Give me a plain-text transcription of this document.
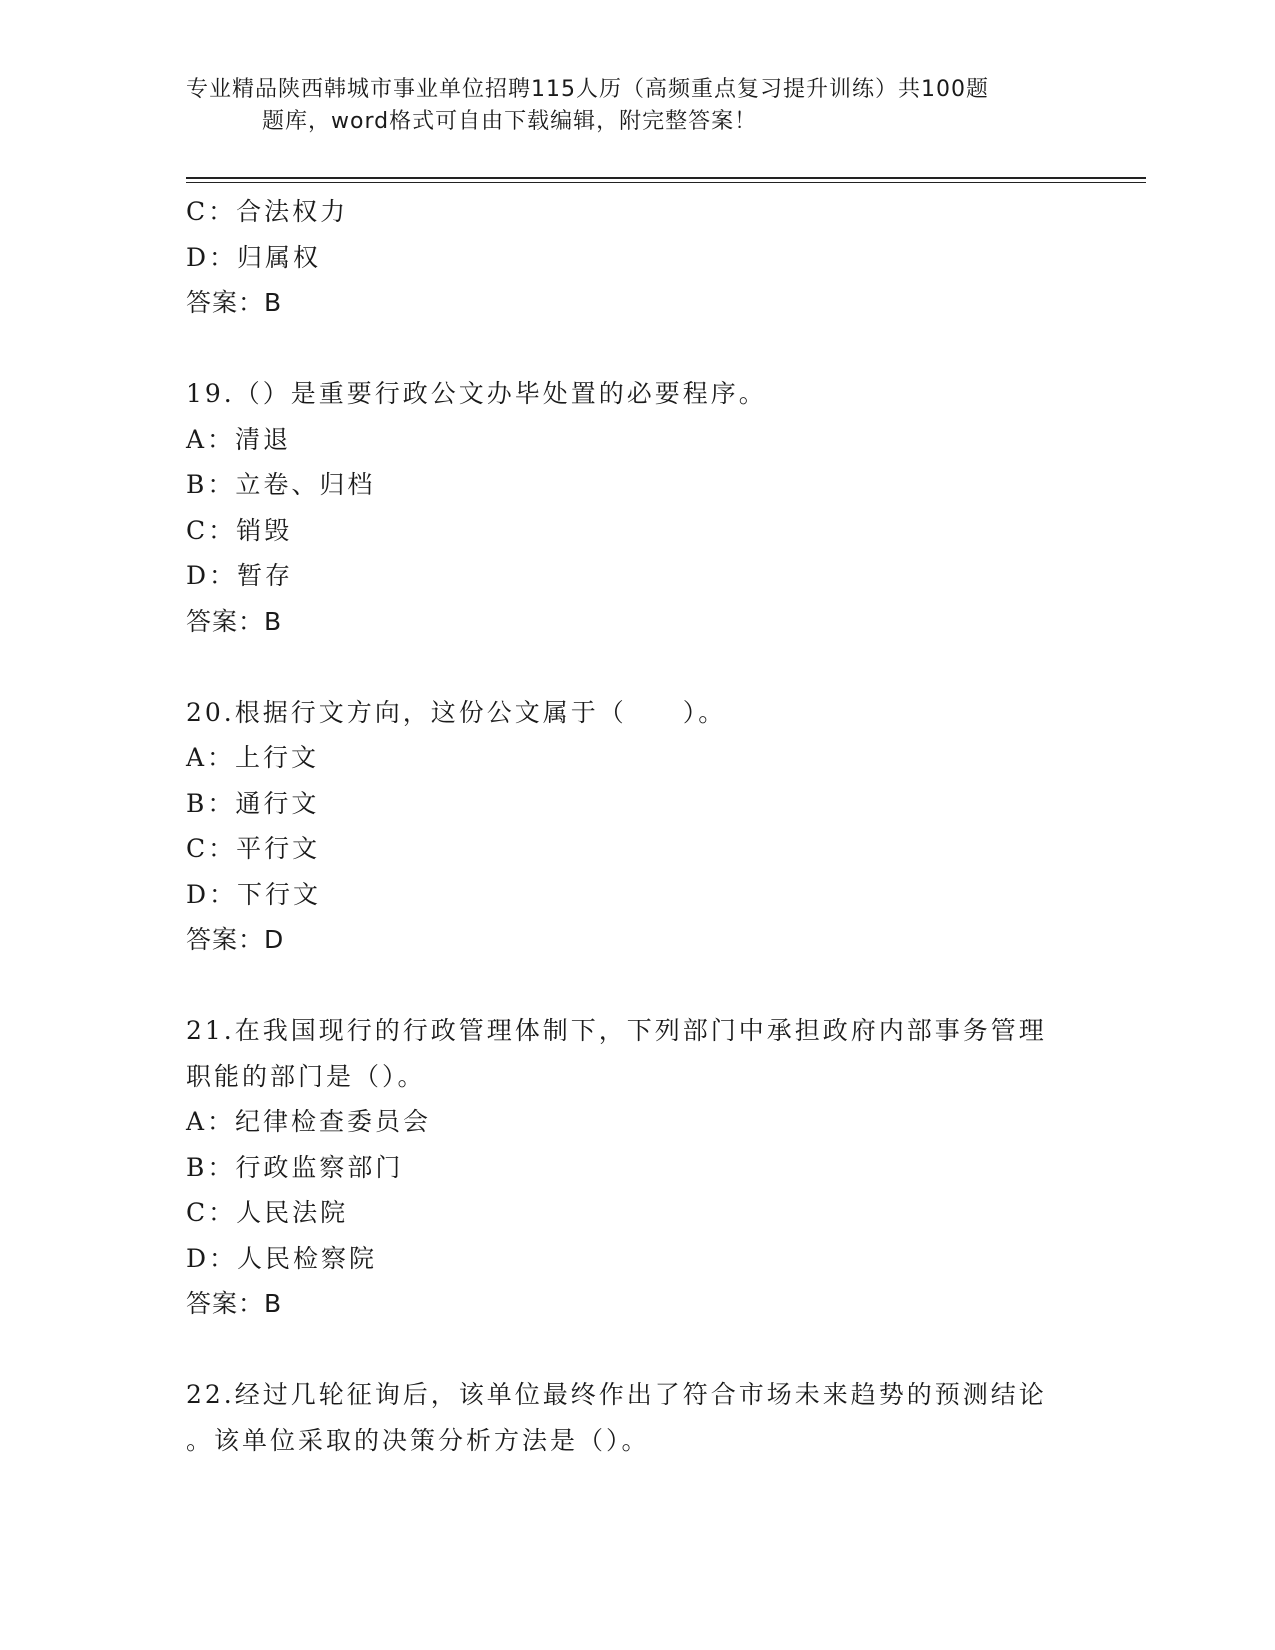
专业精品陕西韩城市事业单位招聘115人历（高频重点复习提升训练）共100题
题库，word格式可自由下载编辑，附完整答案！
C：合法权力
D：归属权
答案：B
19.（）是重要行政公文办毕处置的必要程序。
A：清退
B：立卷、归档
C：销毁
D：暂存
答案：B
20.根据行文方向，这份公文属于（　　）。
A：上行文
B：通行文
C：平行文
D：下行文
答案：D
21.在我国现行的行政管理体制下，下列部门中承担政府内部事务管理
职能的部门是（）。
A：纪律检查委员会
B：行政监察部门
C：人民法院
D：人民检察院
答案：B
22.经过几轮征询后，该单位最终作出了符合市场未来趋势的预测结论
。该单位采取的决策分析方法是（）。
